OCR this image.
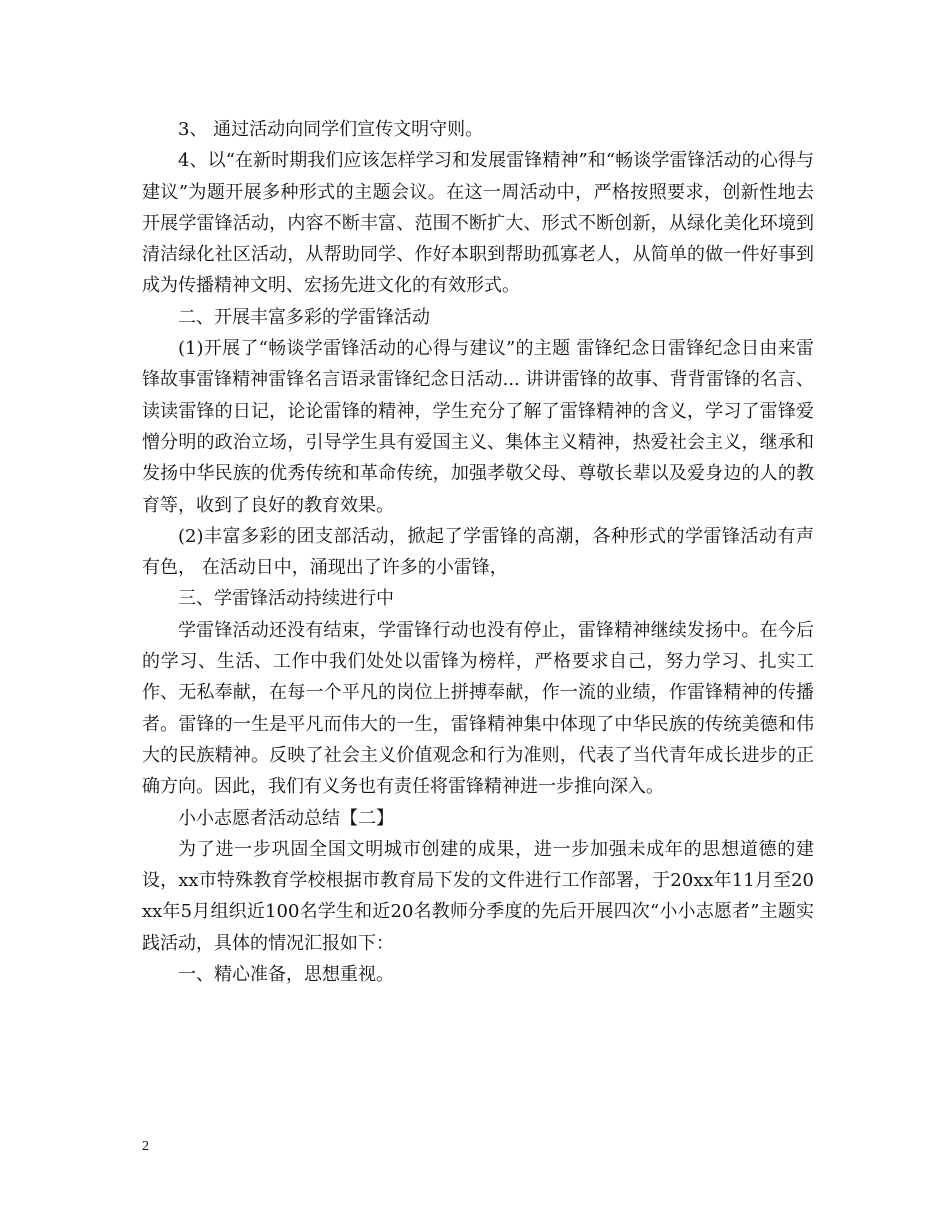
3、 通过活动向同学们宣传文明守则。

4、以“在新时期我们应该怎样学习和发展雷锋精神”和“畅谈学雷锋活动的心得与建议”为题开展多种形式的主题会议。在这一周活动中，严格按照要求，创新性地去开展学雷锋活动，内容不断丰富、范围不断扩大、形式不断创新，从绿化美化环境到清洁绿化社区活动，从帮助同学、作好本职到帮助孤寡老人，从简单的做一件好事到成为传播精神文明、宏扬先进文化的有效形式。

二、开展丰富多彩的学雷锋活动

(1)开展了“畅谈学雷锋活动的心得与建议”的主题 雷锋纪念日雷锋纪念日由来雷锋故事雷锋精神雷锋名言语录雷锋纪念日活动... 讲讲雷锋的故事、背背雷锋的名言、读读雷锋的日记，论论雷锋的精神，学生充分了解了雷锋精神的含义，学习了雷锋爱憎分明的政治立场，引导学生具有爱国主义、集体主义精神，热爱社会主义，继承和发扬中华民族的优秀传统和革命传统，加强孝敬父母、尊敬长辈以及爱身边的人的教育等，收到了良好的教育效果。

(2)丰富多彩的团支部活动，掀起了学雷锋的高潮，各种形式的学雷锋活动有声有色， 在活动日中，涌现出了许多的小雷锋，

三、学雷锋活动持续进行中

学雷锋活动还没有结束，学雷锋行动也没有停止，雷锋精神继续发扬中。在今后的学习、生活、工作中我们处处以雷锋为榜样，严格要求自己，努力学习、扎实工作、无私奉献，在每一个平凡的岗位上拼搏奉献，作一流的业绩，作雷锋精神的传播者。雷锋的一生是平凡而伟大的一生，雷锋精神集中体现了中华民族的传统美德和伟大的民族精神。反映了社会主义价值观念和行为准则，代表了当代青年成长进步的正确方向。因此，我们有义务也有责任将雷锋精神进一步推向深入。

小小志愿者活动总结【二】

为了进一步巩固全国文明城市创建的成果，进一步加强未成年的思想道德的建设，xx市特殊教育学校根据市教育局下发的文件进行工作部署，于20xx年11月至20xx年5月组织近100名学生和近20名教师分季度的先后开展四次“小小志愿者”主题实践活动，具体的情况汇报如下：

一、精心准备，思想重视。

2
